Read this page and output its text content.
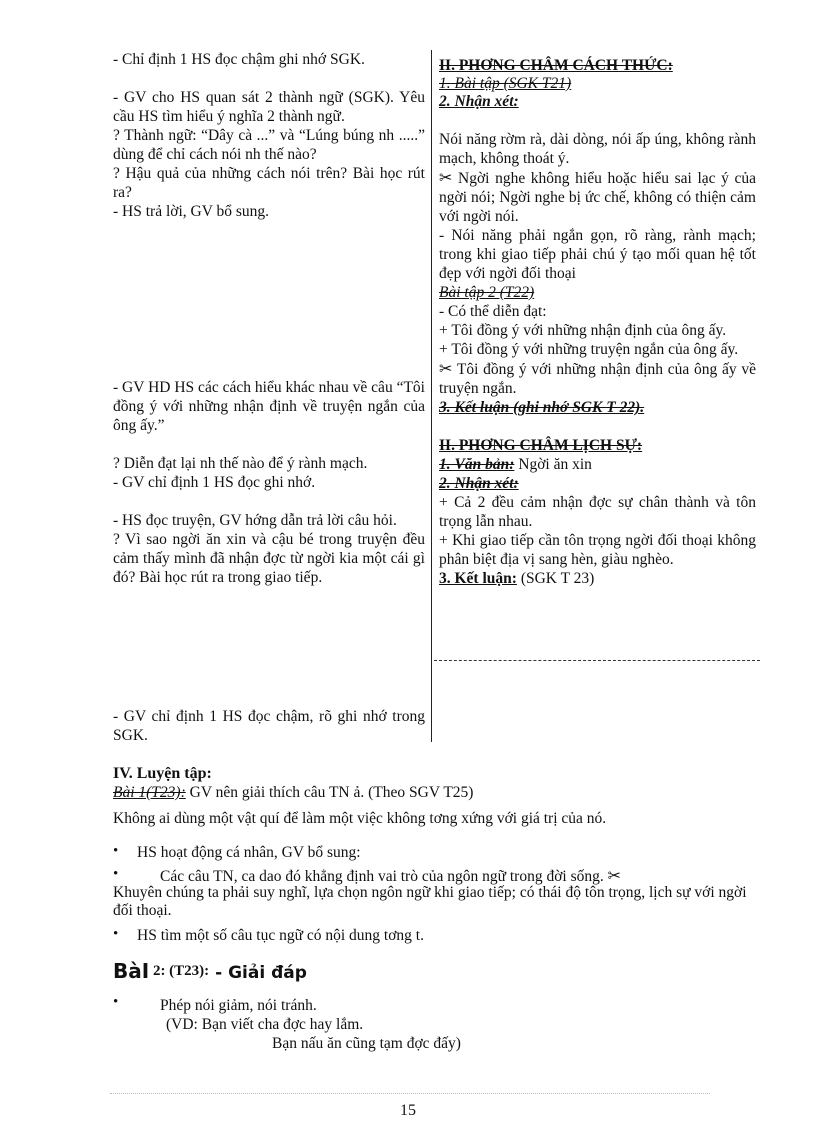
- Chỉ định 1 HS đọc chậm ghi nhớ SGK.

- GV cho HS quan sát 2 thành ngữ (SGK). Yêu cầu HS tìm hiểu ý nghĩa 2 thành ngữ.

? Thành ngữ: “Dây cà ...” và “Lúng búng nh .....” dùng để chỉ cách nói nh thế nào?

? Hậu quả của những cách nói trên? Bài học rút ra?

- HS trả lời, GV bổ sung.

- GV HD HS các cách hiểu khác nhau về câu “Tôi đồng ý với những nhận định về truyện ngắn của ông ấy.”

? Diễn đạt lại nh thế nào để ý rành mạch.

- GV chỉ định 1 HS đọc ghi nhớ.

- HS đọc truyện, GV hớng dẫn trả lời câu hỏi.

? Vì sao ngời ăn xin và cậu bé trong truyện đều cảm thấy mình đã nhận đợc từ ngời kia một cái gì đó? Bài học rút ra trong giao tiếp.

- GV chỉ định 1 HS đọc chậm, rõ ghi nhớ trong SGK.

II. PHƠNG CHÂM CÁCH THỨC:

1. Bài tập (SGK T21)

2. Nhận xét:

Nói năng rờm rà, dài dòng, nói ấp úng, không rành mạch, không thoát ý.

✂ Ngời nghe không hiểu hoặc hiểu sai lạc ý của ngời nói; Ngời nghe bị ức chế, không có thiện cảm với ngời nói.

- Nói năng phải ngắn gọn, rõ ràng, rành mạch; trong khi giao tiếp phải chú ý tạo mối quan hệ tốt đẹp với ngời đối thoại

Bài tập 2 (T22)

- Có thể diễn đạt:

+ Tôi đồng ý với những nhận định của ông ấy.

+ Tôi đồng ý với những truyện ngắn của ông ấy.

✂ Tôi đồng ý với những nhận định của ông ấy về truyện ngắn.

3. Kết luận (ghi nhớ SGK T 22).

II. PHƠNG CHÂM LỊCH SỰ:

1. Văn bản: Ngời ăn xin

2. Nhận xét:

+ Cả 2 đều cảm nhận đợc sự chân thành và tôn trọng lẫn nhau.

+ Khi giao tiếp cần tôn trọng ngời đối thoại không phân biệt địa vị sang hèn, giàu nghèo.

3. Kết luận: (SGK T 23)

IV. Luyện tập:
Bài 1(T23): GV nên giải thích câu TN ả. (Theo SGV T25)
Không ai dùng một vật quí để làm một việc không tơng xứng với giá trị của nó.
• HS hoạt động cá nhân, GV bổ sung:
•	Các câu TN, ca dao đó khẳng định vai trò của ngôn ngữ trong đời sống. ✂
Khuyên chúng ta phải suy nghĩ, lựa chọn ngôn ngữ khi giao tiếp; có thái độ tôn trọng, lịch sự với ngời đối thoại.
• HS tìm một số câu tục ngữ có nội dung tơng t.
BàI 2: (T23): - Giải đáp
•	Phép nói giảm, nói tránh.
(VD: Bạn viết cha đợc hay lắm.
Bạn nấu ăn cũng tạm đợc đấy)
15
